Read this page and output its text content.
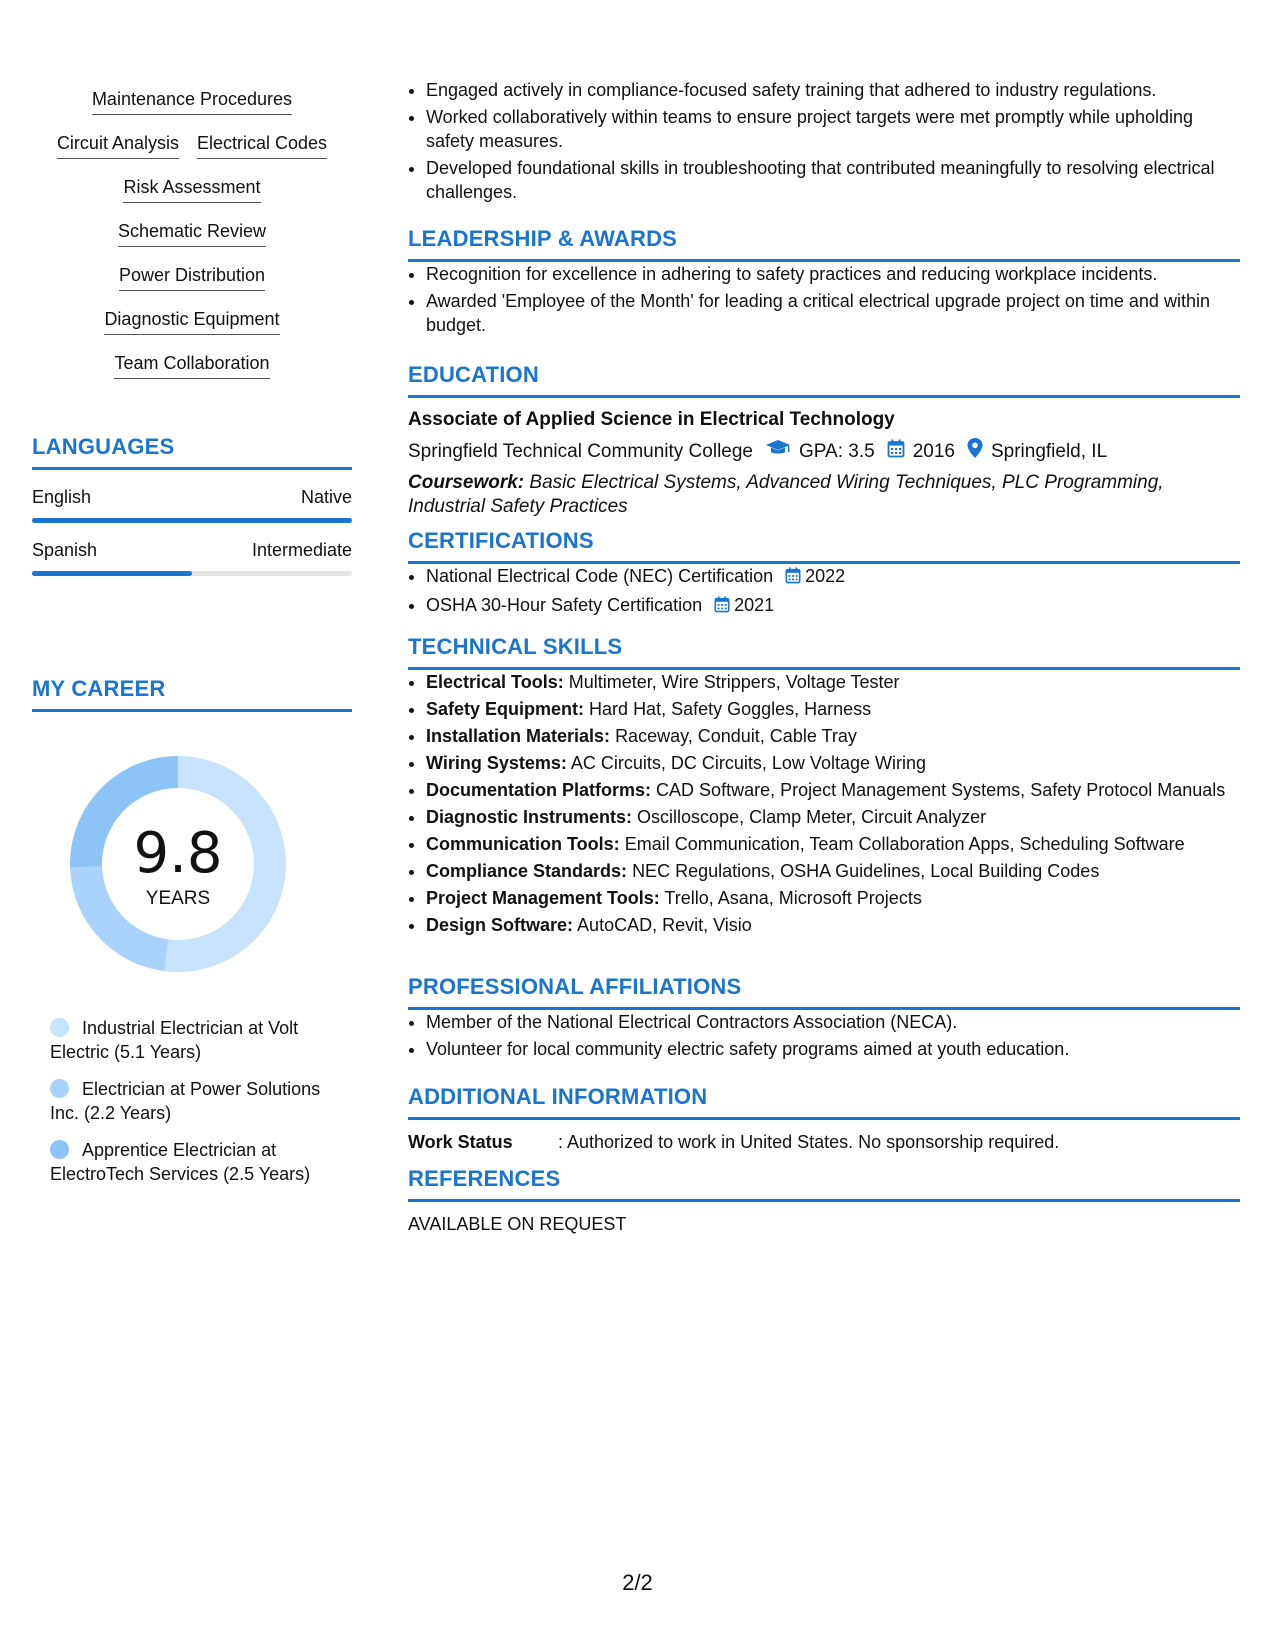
Maintenance Procedures
Circuit Analysis Electrical Codes
Risk Assessment
Schematic Review
Power Distribution
Diagnostic Equipment
Team Collaboration
LANGUAGES
English	Native
Spanish	Intermediate
MY CAREER
9.8
YEARS
Industrial Electrician at Volt Electric (5.1 Years)
Electrician at Power Solutions Inc. (2.2 Years)
Apprentice Electrician at ElectroTech Services (2.5 Years)
• Engaged actively in compliance-focused safety training that adhered to industry regulations.
• Worked collaboratively within teams to ensure project targets were met promptly while upholding safety measures.
• Developed foundational skills in troubleshooting that contributed meaningfully to resolving electrical challenges.
LEADERSHIP & AWARDS
• Recognition for excellence in adhering to safety practices and reducing workplace incidents.
• Awarded 'Employee of the Month' for leading a critical electrical upgrade project on time and within budget.
EDUCATION
Associate of Applied Science in Electrical Technology
Springfield Technical Community College GPA: 3.5 2016 Springfield, IL
Coursework: Basic Electrical Systems, Advanced Wiring Techniques, PLC Programming, Industrial Safety Practices
CERTIFICATIONS
• National Electrical Code (NEC) Certification 2022
• OSHA 30-Hour Safety Certification 2021
TECHNICAL SKILLS
• Electrical Tools: Multimeter, Wire Strippers, Voltage Tester
• Safety Equipment: Hard Hat, Safety Goggles, Harness
• Installation Materials: Raceway, Conduit, Cable Tray
• Wiring Systems: AC Circuits, DC Circuits, Low Voltage Wiring
• Documentation Platforms: CAD Software, Project Management Systems, Safety Protocol Manuals
• Diagnostic Instruments: Oscilloscope, Clamp Meter, Circuit Analyzer
• Communication Tools: Email Communication, Team Collaboration Apps, Scheduling Software
• Compliance Standards: NEC Regulations, OSHA Guidelines, Local Building Codes
• Project Management Tools: Trello, Asana, Microsoft Projects
• Design Software: AutoCAD, Revit, Visio
PROFESSIONAL AFFILIATIONS
• Member of the National Electrical Contractors Association (NECA).
• Volunteer for local community electric safety programs aimed at youth education.
ADDITIONAL INFORMATION
Work Status	: Authorized to work in United States. No sponsorship required.
REFERENCES
AVAILABLE ON REQUEST
2/2
